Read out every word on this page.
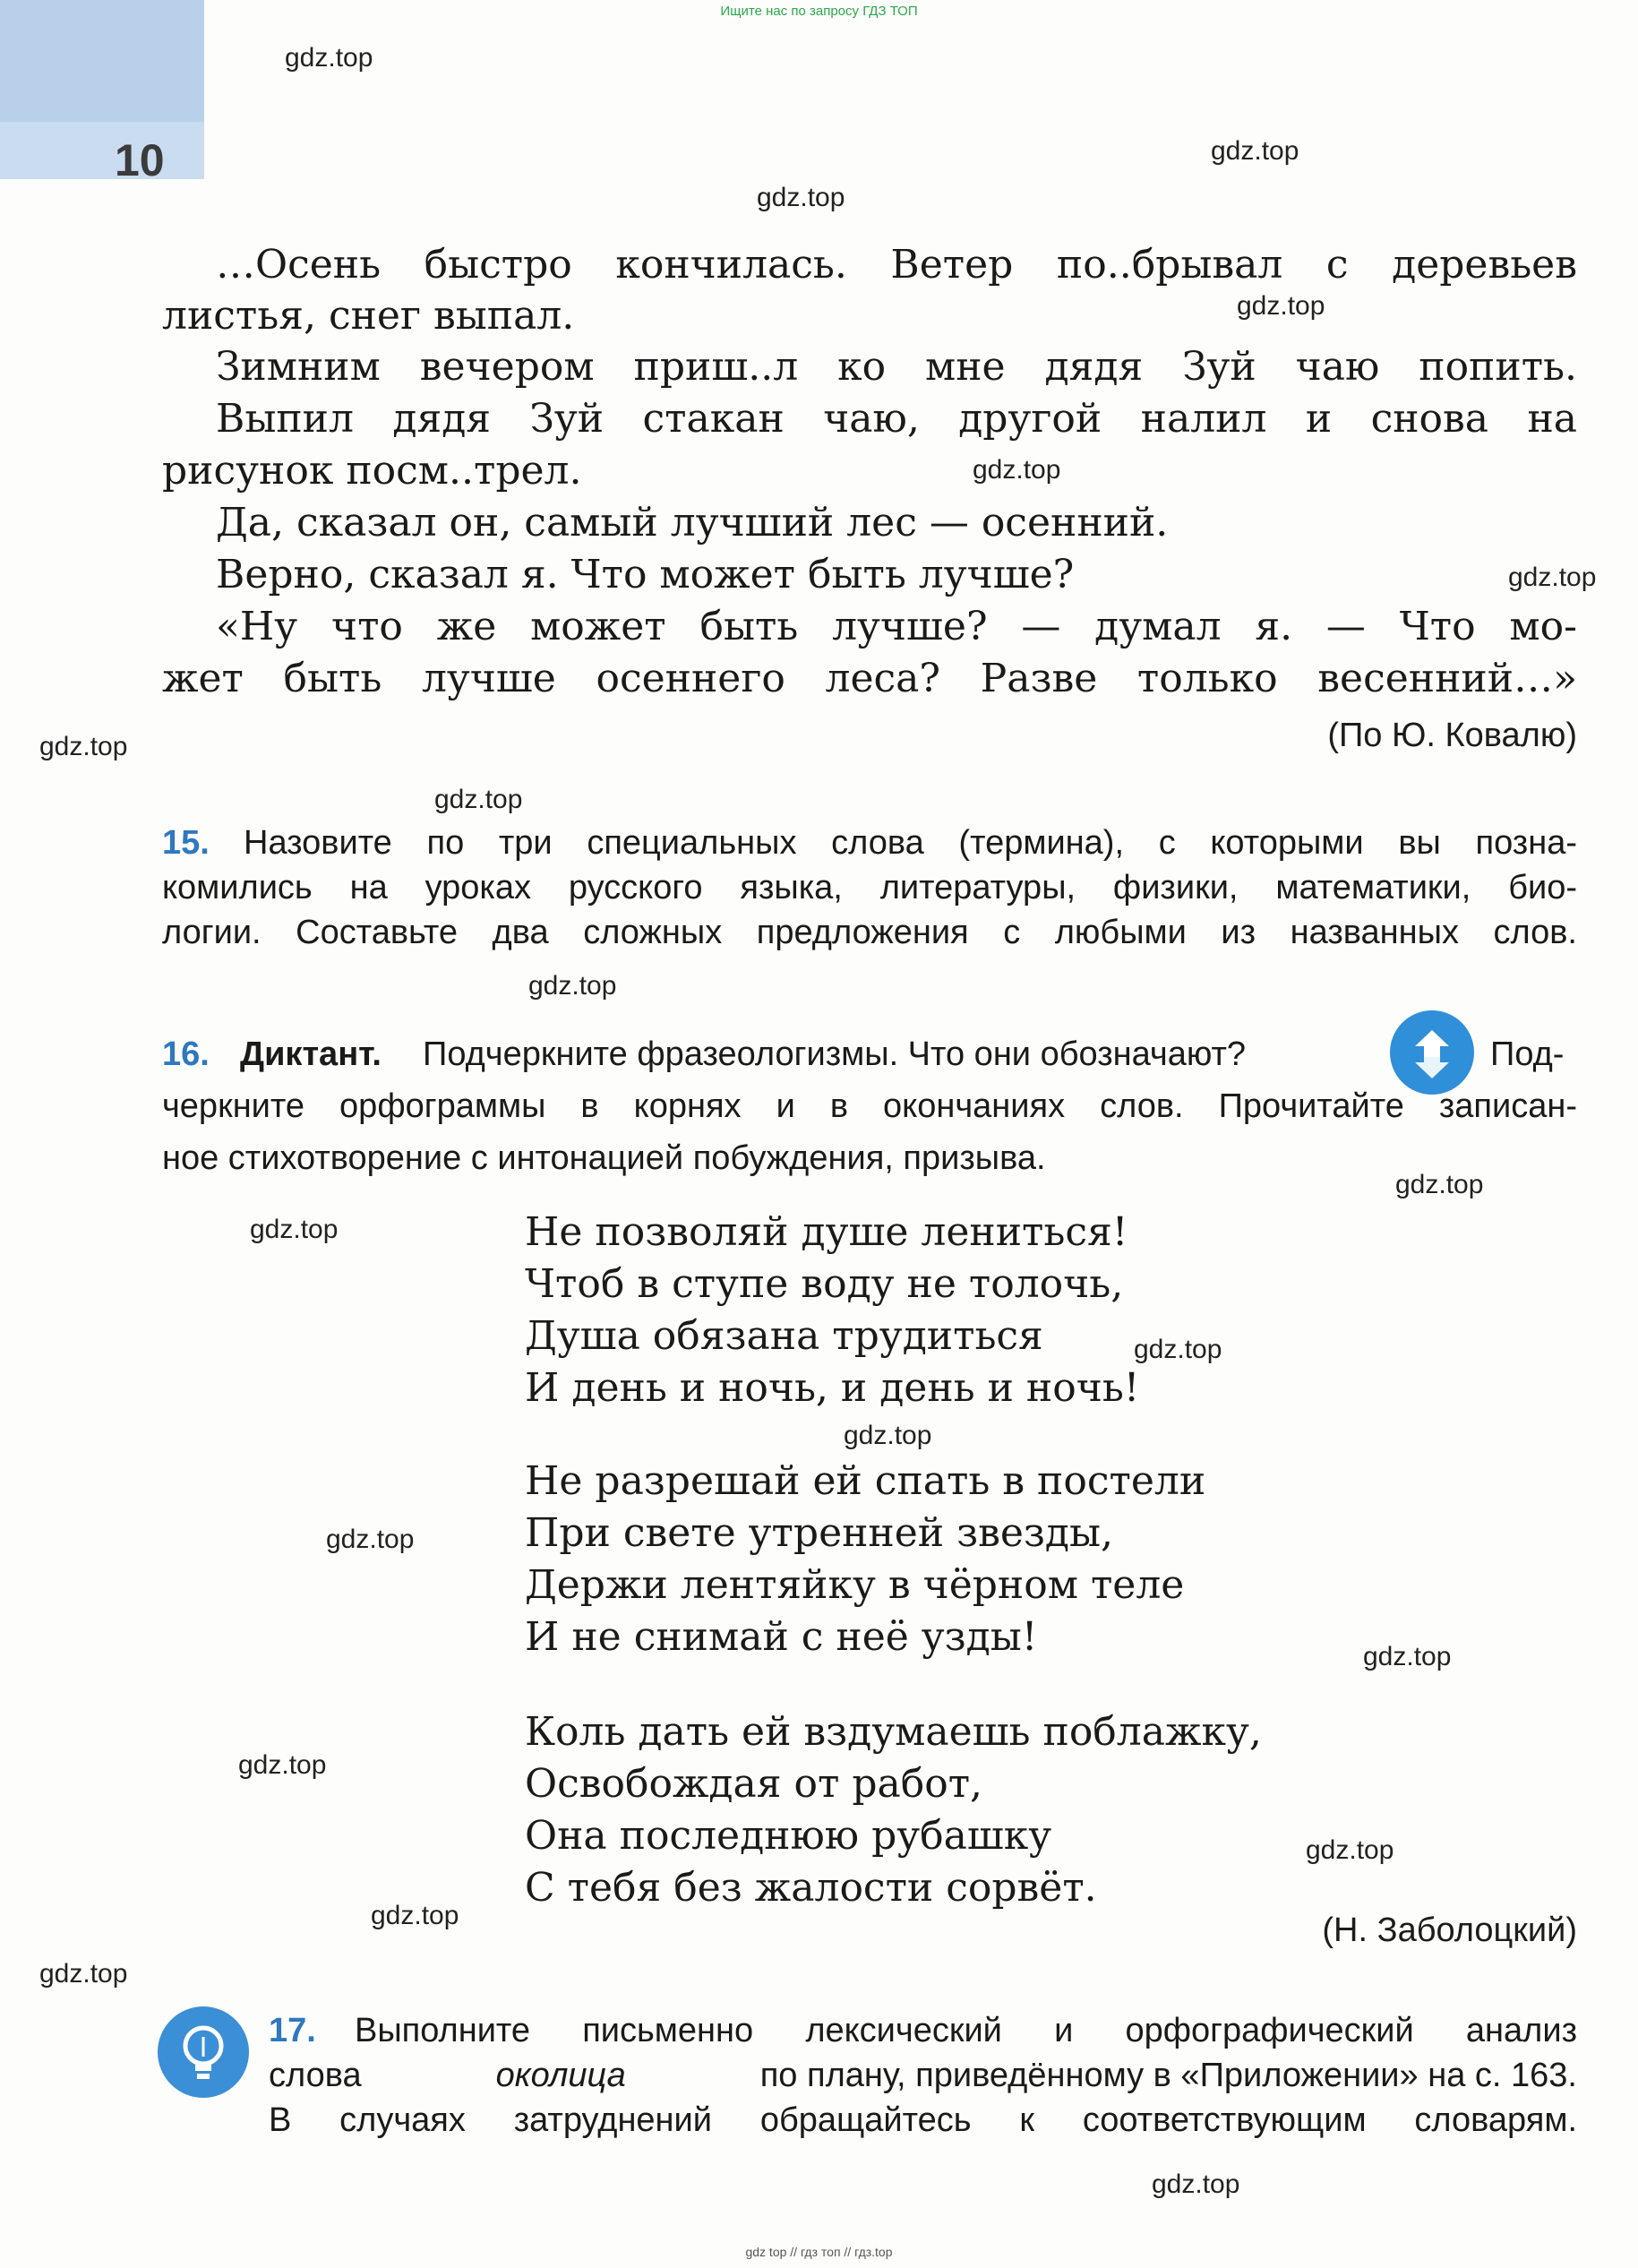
Ищите нас по запросу ГДЗ ТОП
10
gdz.top
gdz.top
gdz.top
gdz.top
gdz.top
gdz.top
gdz.top
gdz.top
gdz.top
gdz.top
gdz.top
gdz.top
gdz.top
gdz.top
gdz.top
gdz.top
gdz.top
gdz.top
gdz.top
gdz.top
…Осень быстро кончилась. Ветер по..брывал с деревьев
листья, снег выпал.
Зимним вечером приш..л ко мне дядя Зуй чаю попить.
Выпил дядя Зуй стакан чаю, другой налил и снова на
рисунок посм..трел.
Да, сказал он, самый лучший лес — осенний.
Верно, сказал я. Что может быть лучше?
«Ну что же может быть лучше? — думал я. — Что мо-
жет быть лучше осеннего леса? Разве только весенний…»
(По Ю. Ковалю)
15. Назовите по три специальных слова (термина), с которыми вы позна-
комились на уроках русского языка, литературы, физики, математики, био-
логии. Составьте два сложных предложения с любыми из названных слов.
16. Диктант. Подчеркните фразеологизмы. Что они обозначают?	Под-
черкните орфограммы в корнях и в окончаниях слов. Прочитайте записан-
ное стихотворение с интонацией побуждения, призыва.
Не позволяй душе лениться!
Чтоб в ступе воду не толочь,
Душа обязана трудиться
И день и ночь, и день и ночь!
Не разрешай ей спать в постели
При свете утренней звезды,
Держи лентяйку в чёрном теле
И не снимай с неё узды!
Коль дать ей вздумаешь поблажку,
Освобождая от работ,
Она последнюю рубашку
С тебя без жалости сорвёт.
(Н. Заболоцкий)
17. Выполните письменно лексический и орфографический анализ
слова	околица	по плану, приведённому в «Приложении» на с. 163.
В случаях затруднений обращайтесь к соответствующим словарям.
gdz top // гдз топ // гдз.top
